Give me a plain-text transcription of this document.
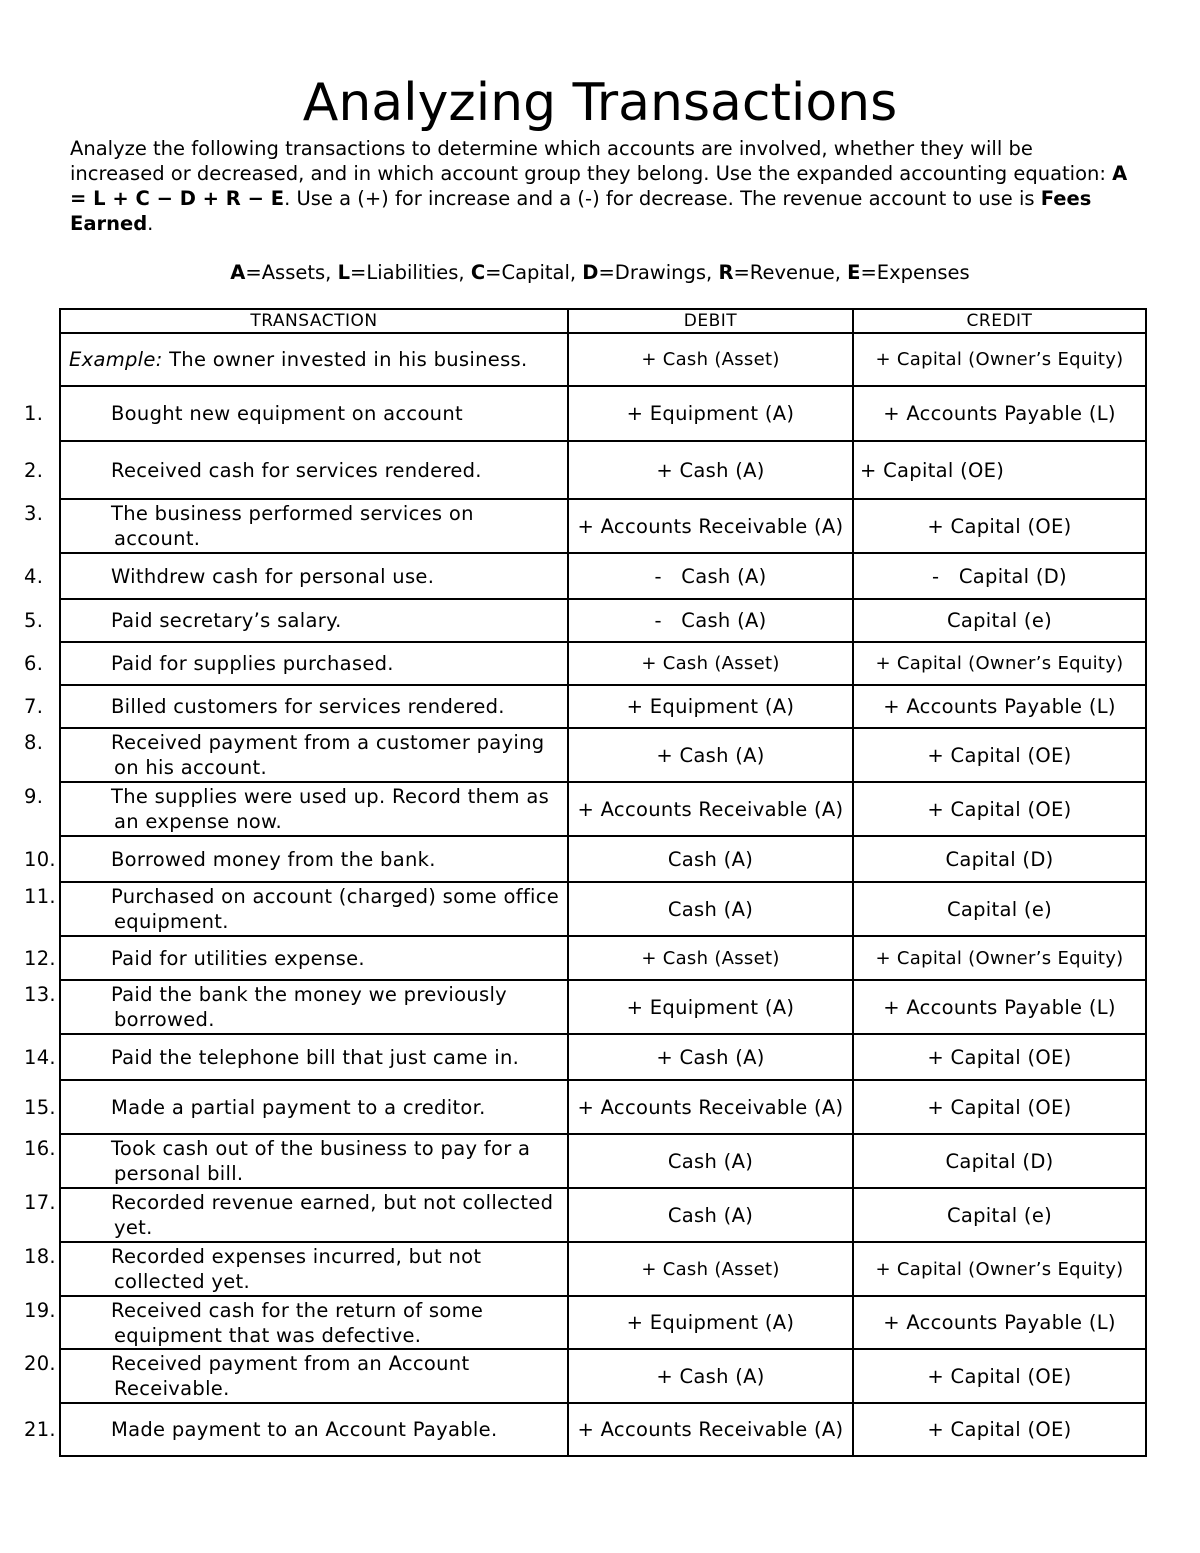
Analyzing Transactions

Analyze the following transactions to determine which accounts are involved, whether they will be increased or decreased, and in which account group they belong. Use the expanded accounting equation: A = L + C − D + R − E. Use a (+) for increase and a (-) for decrease. The revenue account to use is Fees Earned.

A=Assets, L=Liabilities, C=Capital, D=Drawings, R=Revenue, E=Expenses

TRANSACTION	DEBIT	CREDIT
Example: The owner invested in his business.	+ Cash (Asset)	+ Capital (Owner’s Equity)

1. Bought new equipment on account	+ Equipment (A)	+ Accounts Payable (L)

2. Received cash for services rendered.	+ Cash (A)	+ Capital (OE)

3. The business performed services on account.	+ Accounts Receivable (A)	+ Capital (OE)

4. Withdrew cash for personal use.	-   Cash (A)	-   Capital (D)

5. Paid secretary’s salary.	-   Cash (A)	Capital (e)

6. Paid for supplies purchased.	+ Cash (Asset)	+ Capital (Owner’s Equity)

7. Billed customers for services rendered.	+ Equipment (A)	+ Accounts Payable (L)

8. Received payment from a customer paying on his account.	+ Cash (A)	+ Capital (OE)

9. The supplies were used up. Record them as an expense now.	+ Accounts Receivable (A)	+ Capital (OE)

10. Borrowed money from the bank.	Cash (A)	Capital (D)

11. Purchased on account (charged) some office equipment.	Cash (A)	Capital (e)

12. Paid for utilities expense.	+ Cash (Asset)	+ Capital (Owner’s Equity)

13. Paid the bank the money we previously borrowed.	+ Equipment (A)	+ Accounts Payable (L)

14. Paid the telephone bill that just came in.	+ Cash (A)	+ Capital (OE)

15. Made a partial payment to a creditor.	+ Accounts Receivable (A)	+ Capital (OE)

16. Took cash out of the business to pay for a personal bill.	Cash (A)	Capital (D)

17. Recorded revenue earned, but not collected yet.	Cash (A)	Capital (e)

18. Recorded expenses incurred, but not collected yet.	+ Cash (Asset)	+ Capital (Owner’s Equity)

19. Received cash for the return of some equipment that was defective.	+ Equipment (A)	+ Accounts Payable (L)

20. Received payment from an Account Receivable.	+ Cash (A)	+ Capital (OE)

21. Made payment to an Account Payable.	+ Accounts Receivable (A)	+ Capital (OE)
